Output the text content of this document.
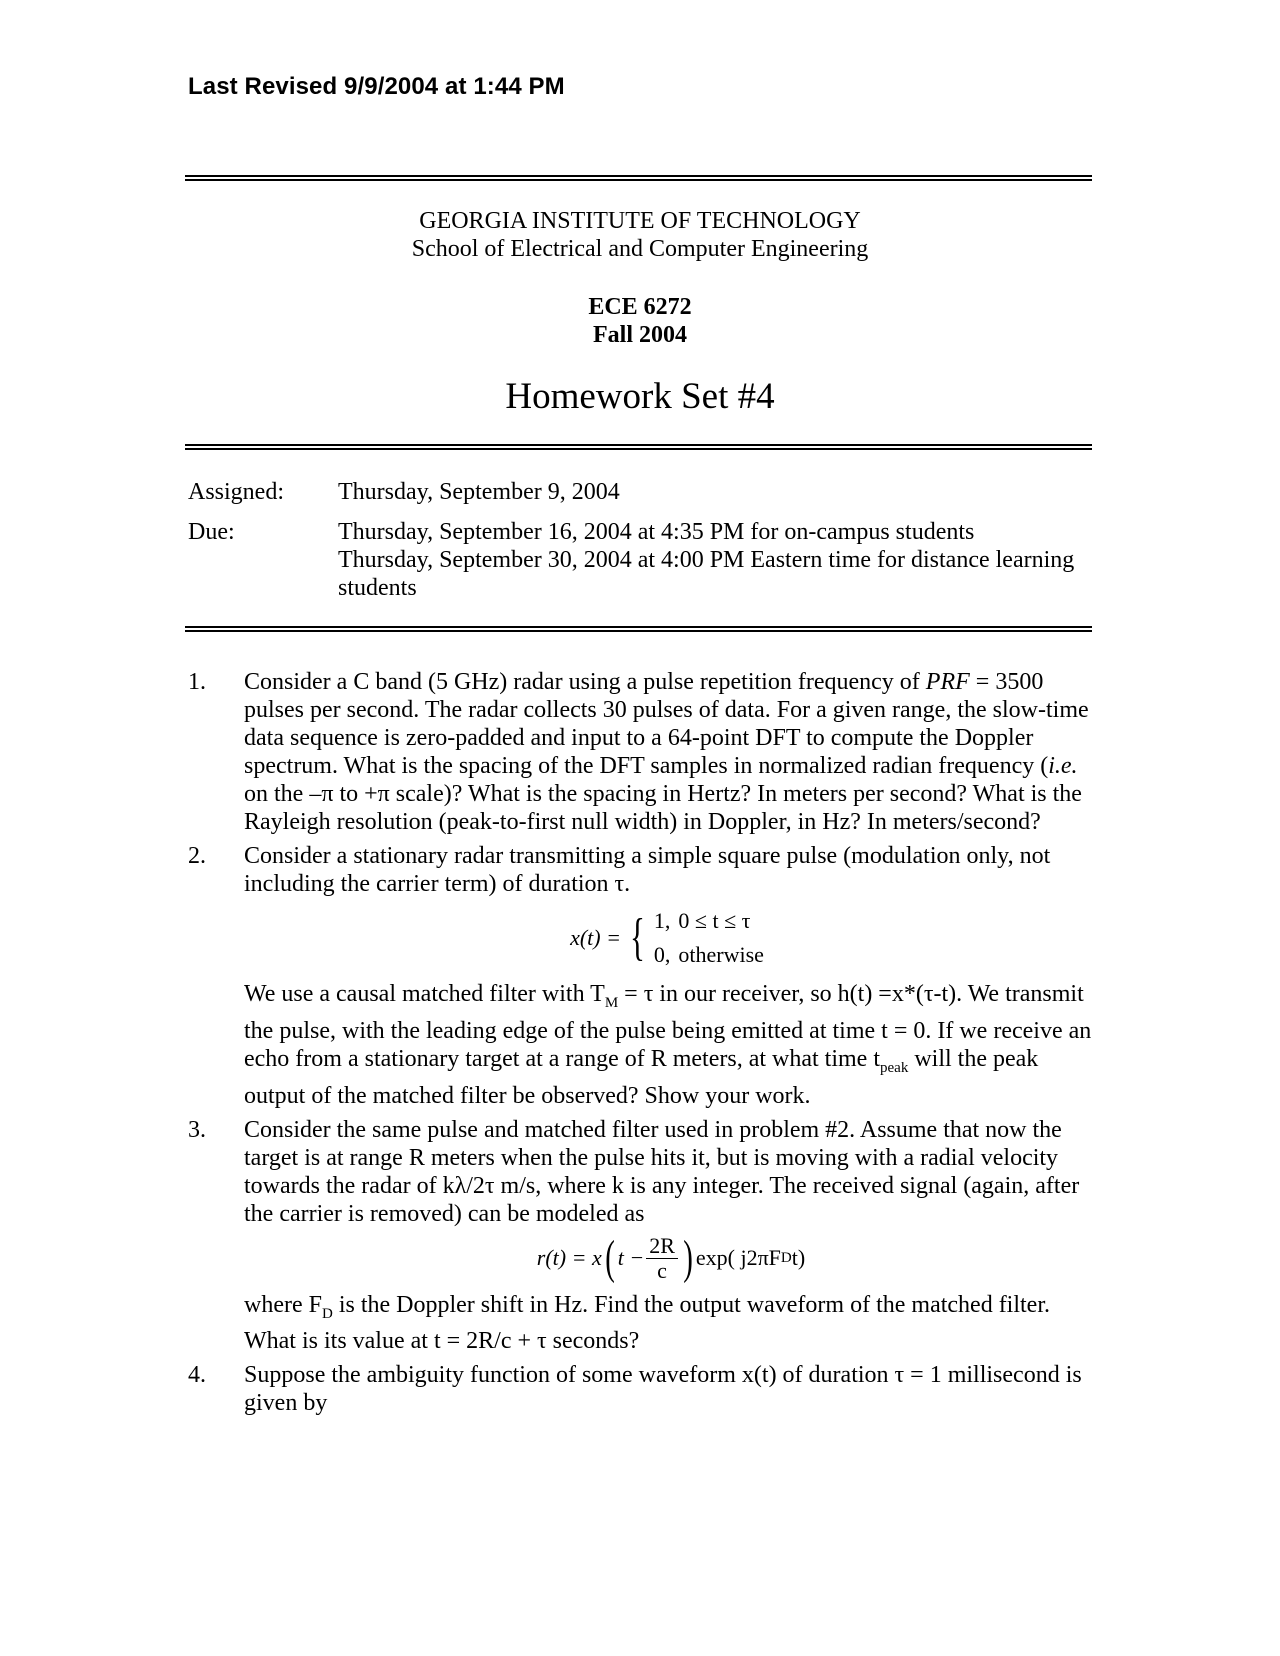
Last Revised 9/9/2004 at 1:44 PM
GEORGIA INSTITUTE OF TECHNOLOGY
School of Electrical and Computer Engineering
ECE 6272
Fall 2004
Homework Set #4
Assigned:	Thursday, September 9, 2004
Due:	Thursday, September 16, 2004 at 4:35 PM for on-campus students
Thursday, September 30, 2004 at 4:00 PM Eastern time for distance learning students
1. Consider a C band (5 GHz) radar using a pulse repetition frequency of PRF = 3500 pulses per second. The radar collects 30 pulses of data. For a given range, the slow-time data sequence is zero-padded and input to a 64-point DFT to compute the Doppler spectrum. What is the spacing of the DFT samples in normalized radian frequency (i.e. on the –π to +π scale)? What is the spacing in Hertz? In meters per second? What is the Rayleigh resolution (peak-to-first null width) in Doppler, in Hz? In meters/second?

2. Consider a stationary radar transmitting a simple square pulse (modulation only, not including the carrier term) of duration τ.

x(t) = { 1,	0 ≤ t ≤ τ
0,	otherwise

We use a causal matched filter with $T_M = \tau$ in our receiver, so h(t) =x*(τ-t). We transmit the pulse, with the leading edge of the pulse being emitted at time t = 0. If we receive an echo from a stationary target at a range of R meters, at what time $t_{peak}$ will the peak output of the matched filter be observed? Show your work.

3. Consider the same pulse and matched filter used in problem #2. Assume that now the target is at range R meters when the pulse hits it, but is moving with a radial velocity towards the radar of kλ/2τ m/s, where k is any integer. The received signal (again, after the carrier is removed) can be modeled as

r(t) = x ( $t - \frac{2R}{c}$ ) exp( j2πF D t)

where $F_D$ is the Doppler shift in Hz. Find the output waveform of the matched filter. What is its value at t = 2R/c + τ seconds?

4. Suppose the ambiguity function of some waveform x(t) of duration τ = 1 millisecond is given by
